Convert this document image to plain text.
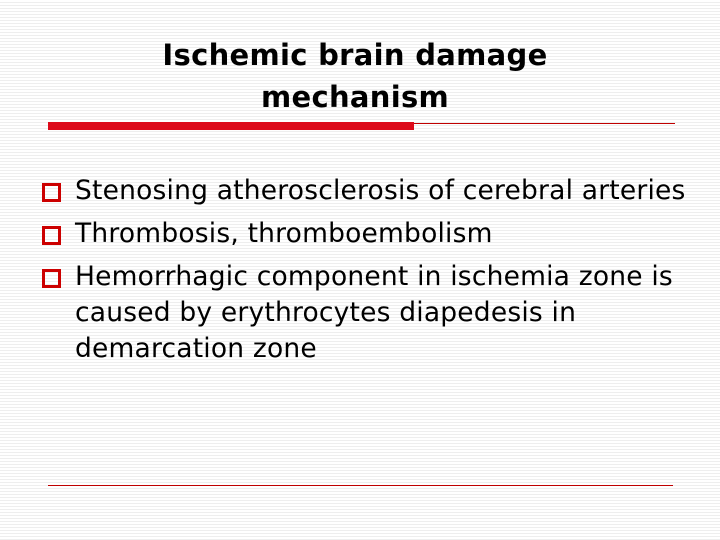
Ischemic brain damage
mechanism
Stenosing atherosclerosis of cerebral arteries
Thrombosis, thromboembolism
Hemorrhagic component in ischemia zone is caused by erythrocytes diapedesis in demarcation zone
